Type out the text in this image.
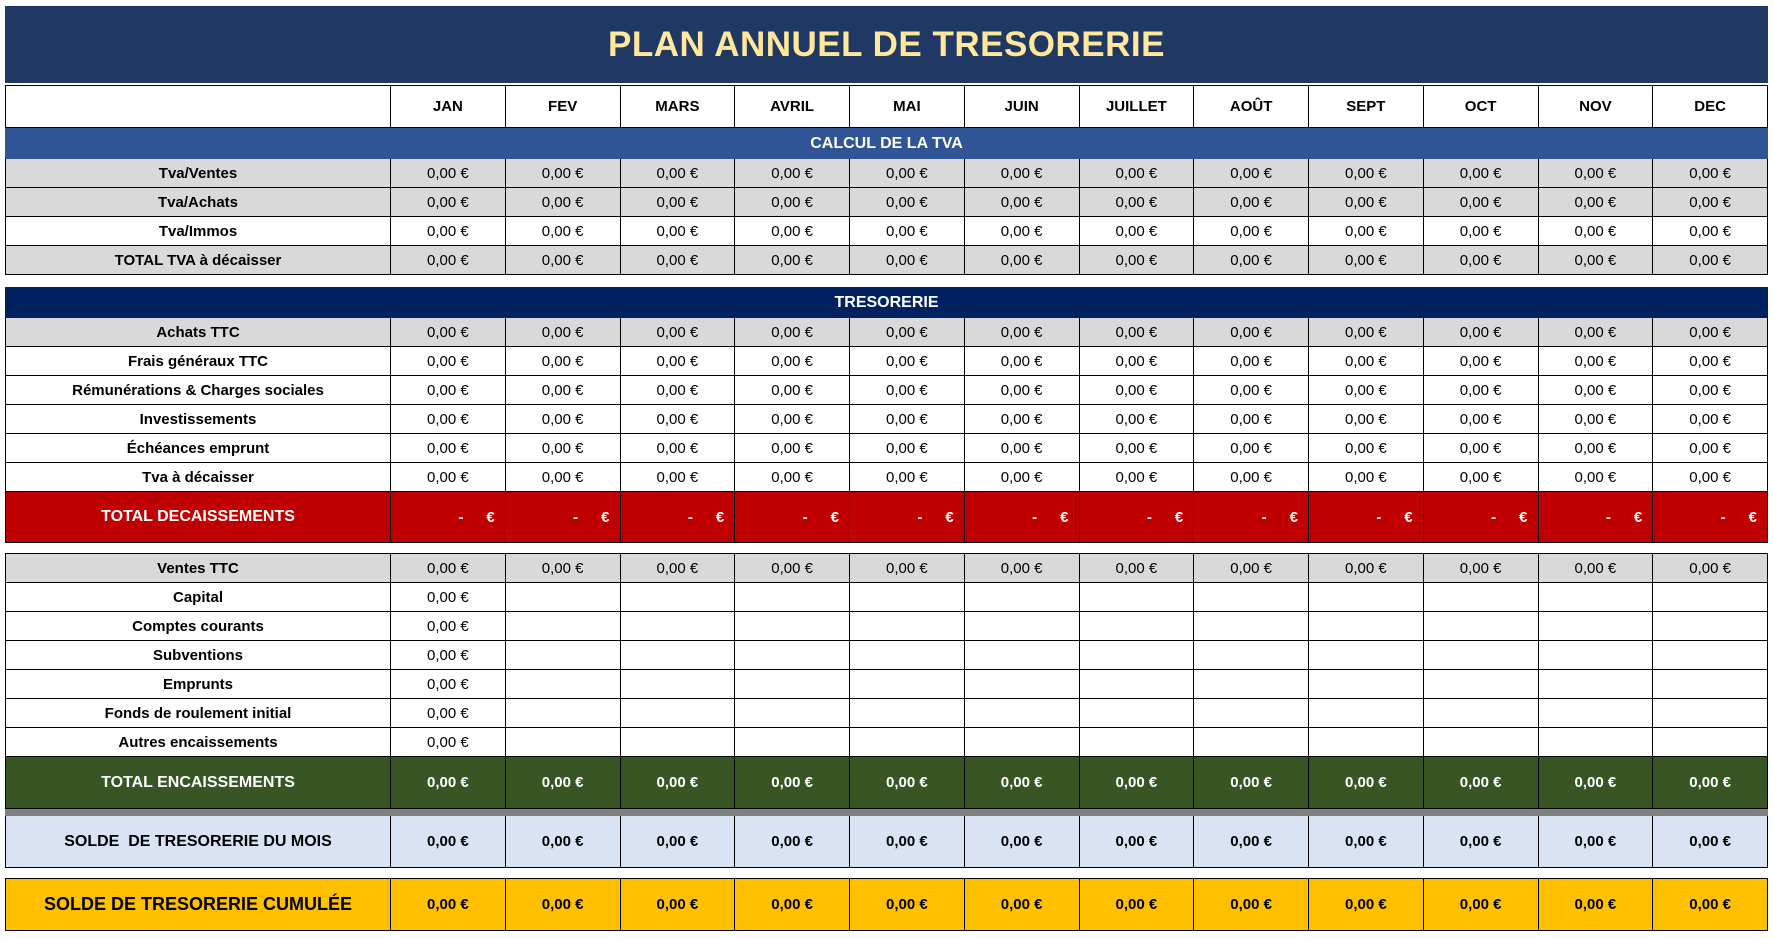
PLAN ANNUEL DE TRESORERIE
JAN	FEV	MARS	AVRIL	MAI	JUIN	JUILLET	AOÛT	SEPT	OCT	NOV	DEC
CALCUL DE LA TVA
Tva/Ventes	0,00 €	0,00 €	0,00 €	0,00 €	0,00 €	0,00 €	0,00 €	0,00 €	0,00 €	0,00 €	0,00 €	0,00 €
Tva/Achats	0,00 €	0,00 €	0,00 €	0,00 €	0,00 €	0,00 €	0,00 €	0,00 €	0,00 €	0,00 €	0,00 €	0,00 €
Tva/Immos	0,00 €	0,00 €	0,00 €	0,00 €	0,00 €	0,00 €	0,00 €	0,00 €	0,00 €	0,00 €	0,00 €	0,00 €
TOTAL TVA à décaisser	0,00 €	0,00 €	0,00 €	0,00 €	0,00 €	0,00 €	0,00 €	0,00 €	0,00 €	0,00 €	0,00 €	0,00 €
TRESORERIE
Achats TTC	0,00 €	0,00 €	0,00 €	0,00 €	0,00 €	0,00 €	0,00 €	0,00 €	0,00 €	0,00 €	0,00 €	0,00 €
Frais généraux TTC	0,00 €	0,00 €	0,00 €	0,00 €	0,00 €	0,00 €	0,00 €	0,00 €	0,00 €	0,00 €	0,00 €	0,00 €
Rémunérations & Charges sociales	0,00 €	0,00 €	0,00 €	0,00 €	0,00 €	0,00 €	0,00 €	0,00 €	0,00 €	0,00 €	0,00 €	0,00 €
Investissements	0,00 €	0,00 €	0,00 €	0,00 €	0,00 €	0,00 €	0,00 €	0,00 €	0,00 €	0,00 €	0,00 €	0,00 €
Échéances emprunt	0,00 €	0,00 €	0,00 €	0,00 €	0,00 €	0,00 €	0,00 €	0,00 €	0,00 €	0,00 €	0,00 €	0,00 €
Tva à décaisser	0,00 €	0,00 €	0,00 €	0,00 €	0,00 €	0,00 €	0,00 €	0,00 €	0,00 €	0,00 €	0,00 €	0,00 €
TOTAL DECAISSEMENTS	- €	- €	- €	- €	- €	- €	- €	- €	- €	- €	- €	- €
Ventes TTC	0,00 €	0,00 €	0,00 €	0,00 €	0,00 €	0,00 €	0,00 €	0,00 €	0,00 €	0,00 €	0,00 €	0,00 €
Capital	0,00 €
Comptes courants	0,00 €
Subventions	0,00 €
Emprunts	0,00 €
Fonds de roulement initial	0,00 €
Autres encaissements	0,00 €
TOTAL ENCAISSEMENTS	0,00 €	0,00 €	0,00 €	0,00 €	0,00 €	0,00 €	0,00 €	0,00 €	0,00 €	0,00 €	0,00 €	0,00 €
SOLDE  DE TRESORERIE DU MOIS	0,00 €	0,00 €	0,00 €	0,00 €	0,00 €	0,00 €	0,00 €	0,00 €	0,00 €	0,00 €	0,00 €	0,00 €
SOLDE DE TRESORERIE CUMULÉE	0,00 €	0,00 €	0,00 €	0,00 €	0,00 €	0,00 €	0,00 €	0,00 €	0,00 €	0,00 €	0,00 €	0,00 €
